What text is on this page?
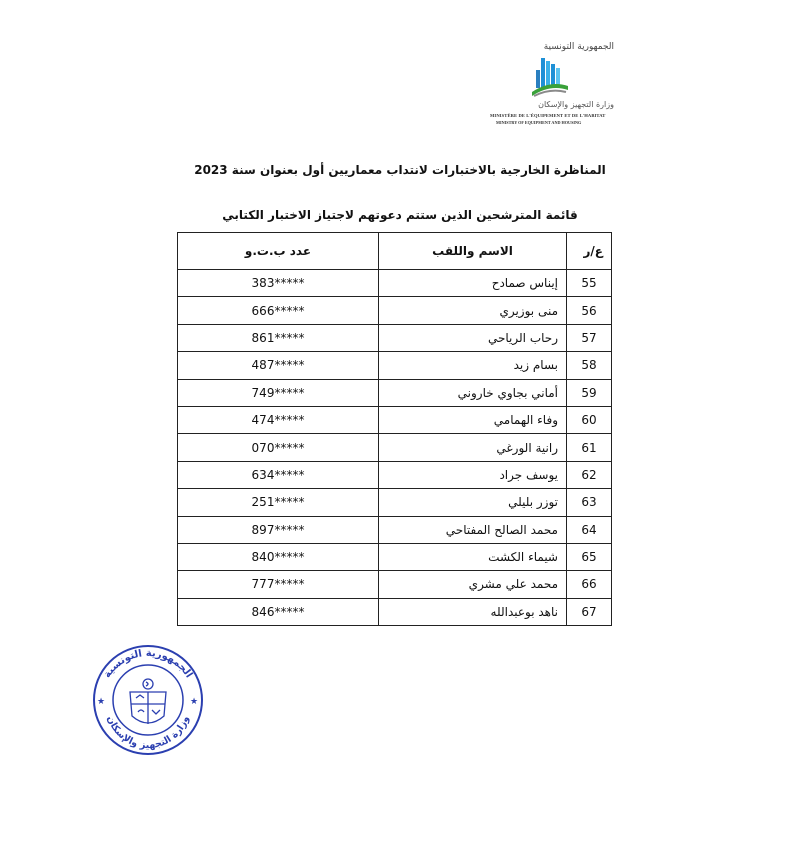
الجمهورية التونسية
وزارة التجهيز والإسكان
MINISTÈRE DE L'ÉQUIPEMENT ET DE L'HABITAT
MINISTRY OF EQUIPMENT AND HOUSING
المناظرة الخارجية بالاختبارات لانتداب معماريين أول بعنوان سنة 2023
قائمة المترشحين الذين ستتم دعوتهم لاجتياز الاختبار الكتابي
ع/ر	الاسم واللقب	عدد ب.ت.و
55	إيناس صمادح	383*****
56	منى بوزيري	666*****
57	رحاب الرياحي	861*****
58	بسام زيد	487*****
59	أماني بجاوي خاروني	749*****
60	وفاء الهمامي	474*****
61	رانية الورغي	070*****
62	يوسف جراد	634*****
63	توزر بليلي	251*****
64	محمد الصالح المفتاحي	897*****
65	شيماء الكشت	840*****
66	محمد علي مشري	777*****
67	ناهد بوعبدالله	846*****
الجمهورية التونسية
وزارة التجهيز والإسكان
★	★
